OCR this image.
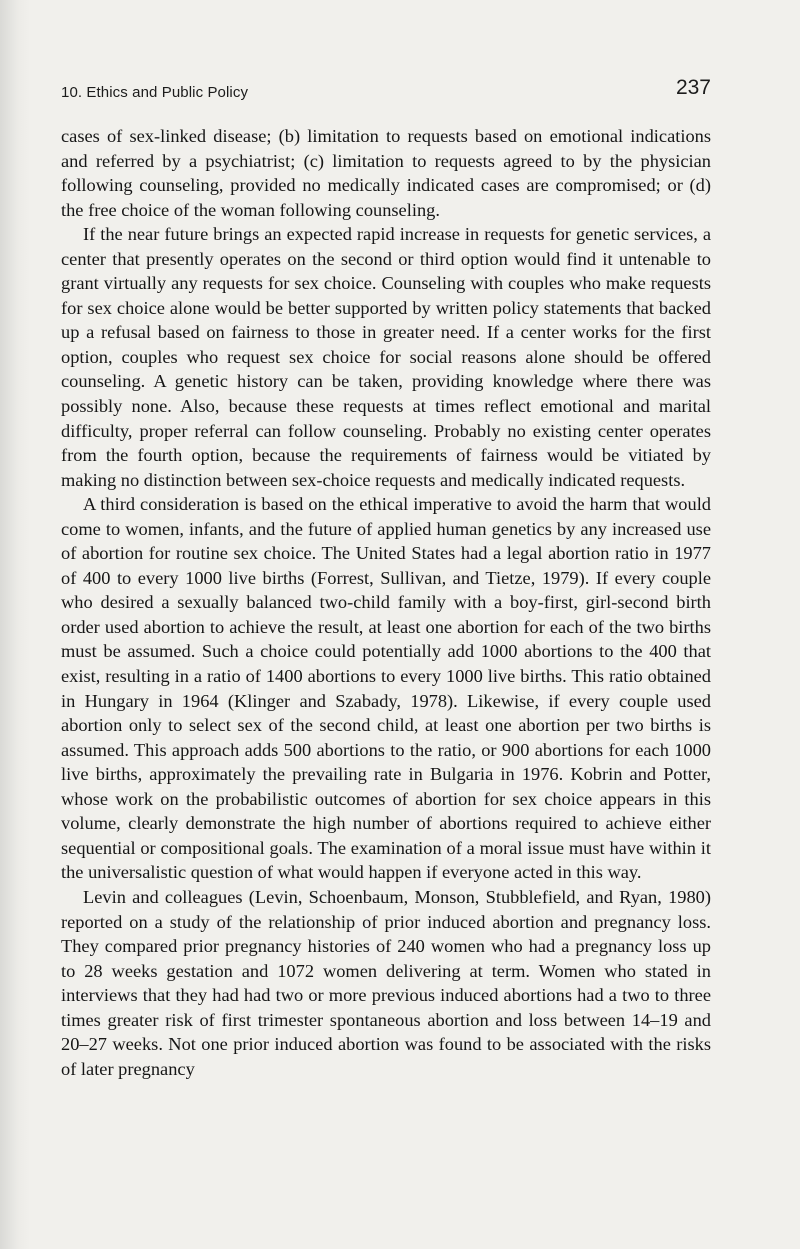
10. Ethics and Public Policy	237

cases of sex-linked disease; (b) limitation to requests based on emotional indications and referred by a psychiatrist; (c) limitation to requests agreed to by the physician following counseling, provided no medically indicated cases are compromised; or (d) the free choice of the woman following counseling.

If the near future brings an expected rapid increase in requests for genetic services, a center that presently operates on the second or third option would find it untenable to grant virtually any requests for sex choice. Counseling with couples who make requests for sex choice alone would be better supported by written policy statements that backed up a refusal based on fairness to those in greater need. If a center works for the first option, couples who request sex choice for social reasons alone should be offered counseling. A genetic history can be taken, providing knowledge where there was possibly none. Also, because these requests at times reflect emotional and marital difficulty, proper referral can follow counseling. Probably no existing center operates from the fourth option, because the requirements of fairness would be vitiated by making no distinction between sex-choice requests and medically indicated requests.

A third consideration is based on the ethical imperative to avoid the harm that would come to women, infants, and the future of applied human genetics by any increased use of abortion for routine sex choice. The United States had a legal abortion ratio in 1977 of 400 to every 1000 live births (Forrest, Sullivan, and Tietze, 1979). If every couple who desired a sexually balanced two-child family with a boy-first, girl-second birth order used abortion to achieve the result, at least one abortion for each of the two births must be assumed. Such a choice could potentially add 1000 abortions to the 400 that exist, resulting in a ratio of 1400 abortions to every 1000 live births. This ratio obtained in Hungary in 1964 (Klinger and Szabady, 1978). Likewise, if every couple used abortion only to select sex of the second child, at least one abortion per two births is assumed. This approach adds 500 abortions to the ratio, or 900 abortions for each 1000 live births, approximately the prevailing rate in Bulgaria in 1976. Kobrin and Potter, whose work on the probabilistic outcomes of abortion for sex choice appears in this volume, clearly demonstrate the high number of abortions required to achieve either sequential or compositional goals. The examination of a moral issue must have within it the universalistic question of what would happen if everyone acted in this way.

Levin and colleagues (Levin, Schoenbaum, Monson, Stubblefield, and Ryan, 1980) reported on a study of the relationship of prior induced abortion and pregnancy loss. They compared prior pregnancy histories of 240 women who had a pregnancy loss up to 28 weeks gestation and 1072 women delivering at term. Women who stated in interviews that they had had two or more previous induced abortions had a two to three times greater risk of first trimester spontaneous abortion and loss between 14–19 and 20–27 weeks. Not one prior induced abortion was found to be associated with the risks of later pregnancy
